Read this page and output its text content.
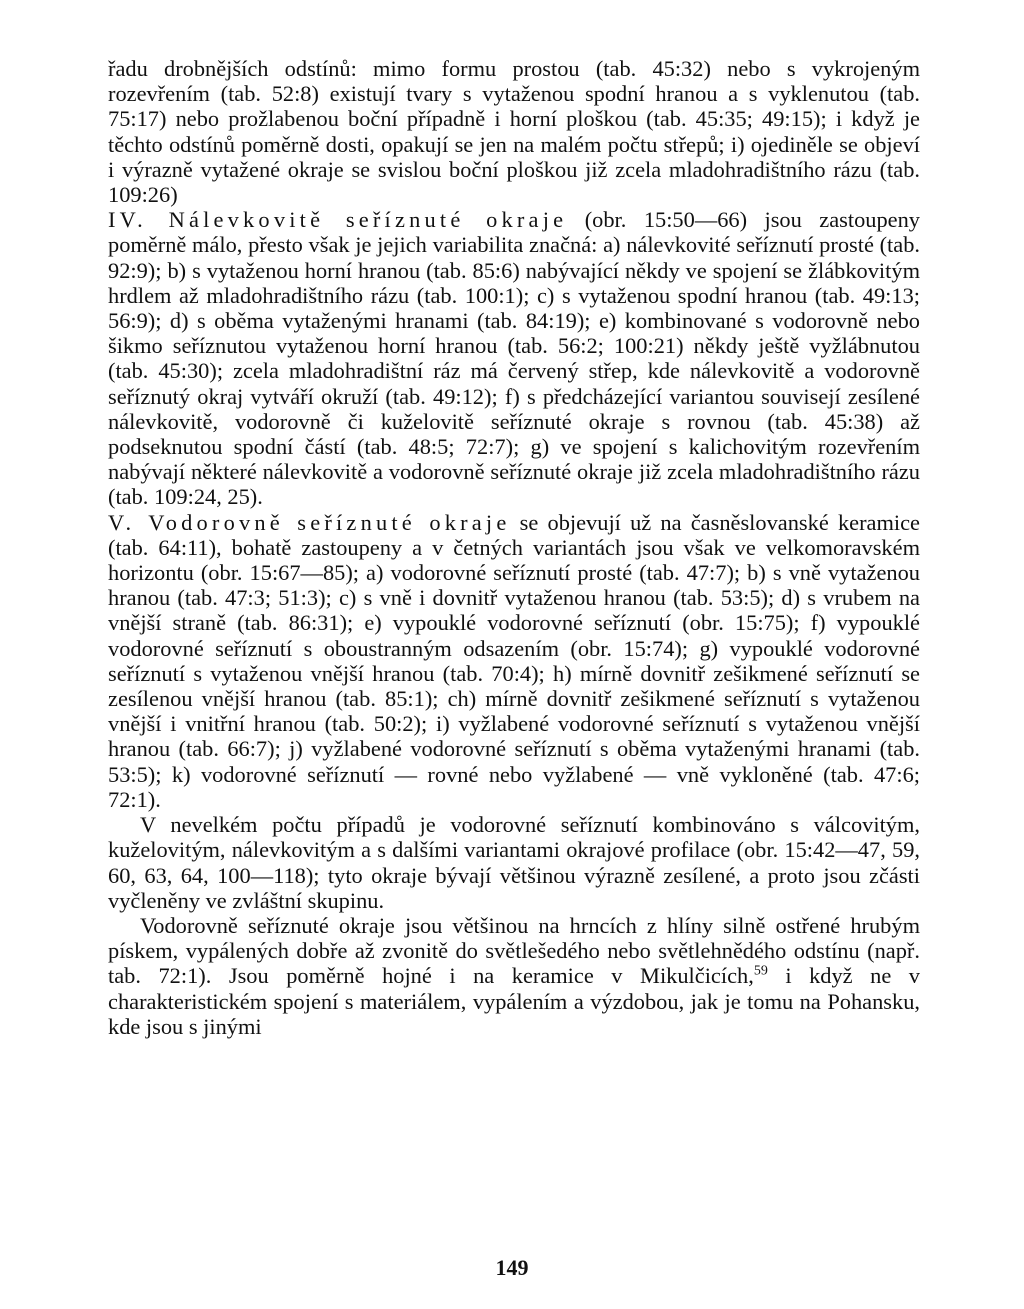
řadu drobnějších odstínů: mimo formu prostou (tab. 45:32) nebo s vykrojeným rozevřením (tab. 52:8) existují tvary s vytaženou spodní hranou a s vyklenutou (tab. 75:17) nebo prožlabenou boční případně i horní ploškou (tab. 45:35; 49:15); i když je těchto odstínů poměrně dosti, opakují se jen na malém počtu střepů; i) ojediněle se objeví i výrazně vytažené okraje se svislou boční ploškou již zcela mladohradištního rázu (tab. 109:26)

IV. Nálevkovitě seříznuté okraje (obr. 15:50—66) jsou zastoupeny poměrně málo, přesto však je jejich variabilita značná: a) nálevkovité seříznutí prosté (tab. 92:9); b) s vytaženou horní hranou (tab. 85:6) nabývající někdy ve spojení se žlábkovitým hrdlem až mladohradištního rázu (tab. 100:1); c) s vytaženou spodní hranou (tab. 49:13; 56:9); d) s oběma vytaženými hranami (tab. 84:19); e) kombinované s vodorovně nebo šikmo seříznutou vytaženou horní hranou (tab. 56:2; 100:21) někdy ještě vyžlábnutou (tab. 45:30); zcela mladohradištní ráz má červený střep, kde nálevkovitě a vodorovně seříznutý okraj vytváří okruží (tab. 49:12); f) s předcházející variantou souvisejí zesílené nálevkovitě, vodorovně či kuželovitě seříznuté okraje s rovnou (tab. 45:38) až podseknutou spodní částí (tab. 48:5; 72:7); g) ve spojení s kalichovitým rozevřením nabývají některé nálevkovitě a vodorovně seříznuté okraje již zcela mladohradištního rázu (tab. 109:24, 25).

V. Vodorovně seříznuté okraje se objevují už na časněslovanské keramice (tab. 64:11), bohatě zastoupeny a v četných variantách jsou však ve velkomoravském horizontu (obr. 15:67—85); a) vodorovné seříznutí prosté (tab. 47:7); b) s vně vytaženou hranou (tab. 47:3; 51:3); c) s vně i dovnitř vytaženou hranou (tab. 53:5); d) s vrubem na vnější straně (tab. 86:31); e) vypouklé vodorovné seříznutí (obr. 15:75); f) vypouklé vodorovné seříznutí s oboustranným odsazením (obr. 15:74); g) vypouklé vodorovné seříznutí s vytaženou vnější hranou (tab. 70:4); h) mírně dovnitř zešikmené seříznutí se zesílenou vnější hranou (tab. 85:1); ch) mírně dovnitř zešikmené seříznutí s vytaženou vnější i vnitřní hranou (tab. 50:2); i) vyžlabené vodorovné seříznutí s vytaženou vnější hranou (tab. 66:7); j) vyžlabené vodorovné seříznutí s oběma vytaženými hranami (tab. 53:5); k) vodorovné seříznutí — rovné nebo vyžlabené — vně vykloněné (tab. 47:6; 72:1).

V nevelkém počtu případů je vodorovné seříznutí kombinováno s válcovitým, kuželovitým, nálevkovitým a s dalšími variantami okrajové profilace (obr. 15:42—47, 59, 60, 63, 64, 100—118); tyto okraje bývají většinou výrazně zesílené, a proto jsou zčásti vyčleněny ve zvláštní skupinu.

Vodorovně seříznuté okraje jsou většinou na hrncích z hlíny silně ostřené hrubým pískem, vypálených dobře až zvonitě do světlešedého nebo světlehnědého odstínu (např. tab. 72:1). Jsou poměrně hojné i na keramice v Mikulčicích,$^{59}$ i když ne v charakteristickém spojení s materiálem, vypálením a výzdobou, jak je tomu na Pohansku, kde jsou s jinými

149
